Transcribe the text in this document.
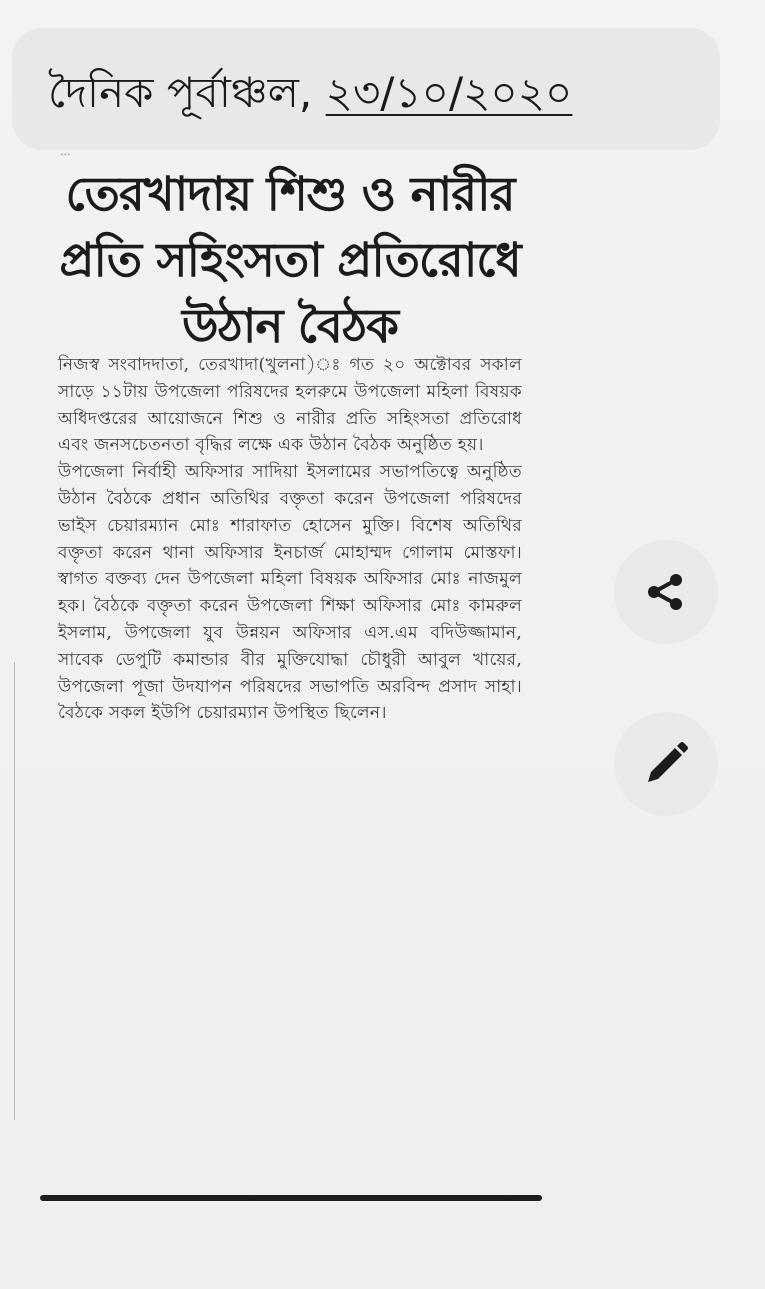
দৈনিক পূর্বাঞ্চল, ২৩/১০/২০২০
...
তেরখাদায় শিশু ও নারীর প্রতি সহিংসতা প্রতিরোধে উঠান বৈঠক

নিজস্ব সংবাদদাতা, তেরখাদা(খুলনা)ঃ গত ২০ অক্টোবর সকাল সাড়ে ১১টায় উপজেলা পরিষদের হলরুমে উপজেলা মহিলা বিষয়ক অধিদপ্তরের আয়োজনে শিশু ও নারীর প্রতি সহিংসতা প্রতিরোধ এবং জনসচেতনতা বৃদ্ধির লক্ষে এক উঠান বৈঠক অনুষ্ঠিত হয়।

উপজেলা নির্বাহী অফিসার সাদিয়া ইসলামের সভাপতিত্বে অনুষ্ঠিত উঠান বৈঠকে প্রধান অতিথির বক্তৃতা করেন উপজেলা পরিষদের ভাইস চেয়ারম্যান মোঃ শারাফাত হোসেন মুক্তি। বিশেষ অতিথির বক্তৃতা করেন থানা অফিসার ইনচার্জ মোহাম্মদ গোলাম মোস্তফা। স্বাগত বক্তব্য দেন উপজেলা মহিলা বিষয়ক অফিসার মোঃ নাজমুল হক। বৈঠকে বক্তৃতা করেন উপজেলা শিক্ষা অফিসার মোঃ কামরুল ইসলাম, উপজেলা যুব উন্নয়ন অফিসার এস.এম বদিউজ্জামান, সাবেক ডেপুটি কমান্ডার বীর মুক্তিযোদ্ধা চৌধুরী আবুল খায়ের, উপজেলা পূজা উদযাপন পরিষদের সভাপতি অরবিন্দ প্রসাদ সাহা। বৈঠকে সকল ইউপি চেয়ারম্যান উপস্থিত ছিলেন।
